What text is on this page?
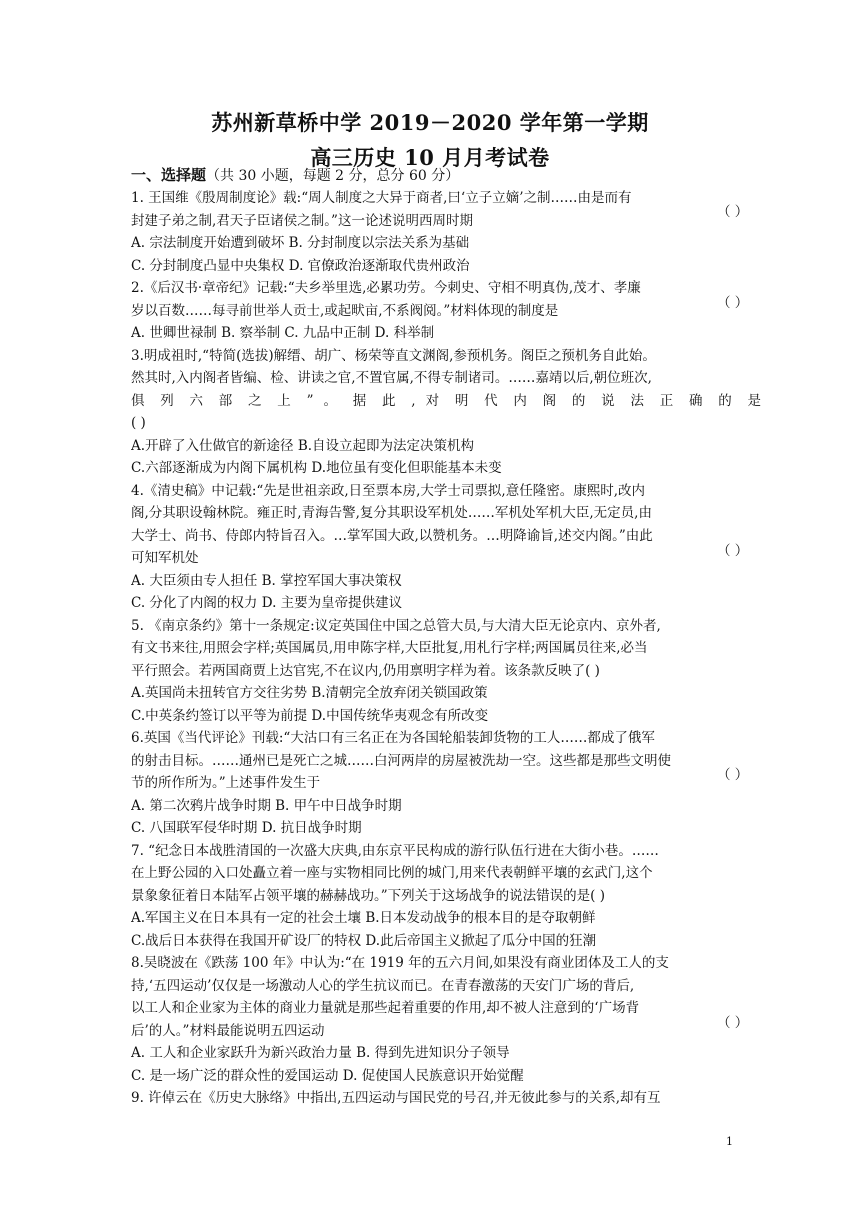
苏州新草桥中学 2019－2020 学年第一学期
高三历史 10 月月考试卷
一、选择题（共 30 小题，每题 2 分，总分 60 分）
1. 王国维《殷周制度论》载:“周人制度之大异于商者,曰‘立子立嫡’之制……由是而有
封建子弟之制,君天子臣诸侯之制。”这一论述说明西周时期
A. 宗法制度开始遭到破坏 B. 分封制度以宗法关系为基础
C. 分封制度凸显中央集权 D. 官僚政治逐渐取代贵州政治
2.《后汉书·章帝纪》记载:“夫乡举里选,必累功劳。今刺史、守相不明真伪,茂才、孝廉
岁以百数……每寻前世举人贡士,或起畎亩,不系阀阅。”材料体现的制度是
A. 世卿世禄制 B. 察举制 C. 九品中正制 D. 科举制
3.明成祖时,“特简(选拔)解缙、胡广、杨荣等直文渊阁,参预机务。阁臣之预机务自此始。
然其时,入内阁者皆编、检、讲读之官,不置官属,不得专制诸司。……嘉靖以后,朝位班次,
俱 列 六 部 之 上 ” 。 据 此 , 对 明 代 内 阁 的 说 法 正 确 的 是
( )
A.开辟了入仕做官的新途径 B.自设立起即为法定决策机构
C.六部逐渐成为内阁下属机构 D.地位虽有变化但职能基本未变
4.《清史稿》中记载:“先是世祖亲政,日至票本房,大学士司票拟,意任隆密。康熙时,改内
阁,分其职设翰林院。雍正时,青海告警,复分其职设军机处……军机处军机大臣,无定员,由
大学士、尚书、侍郎内特旨召入。…掌军国大政,以赞机务。…明降谕旨,述交内阁。”由此
可知军机处
A. 大臣须由专人担任 B. 掌控军国大事决策权
C. 分化了内阁的权力 D. 主要为皇帝提供建议
5. 《南京条约》第十一条规定:议定英国住中国之总管大员,与大清大臣无论京内、京外者,
有文书来往,用照会字样;英国属员,用申陈字样,大臣批复,用札行字样;两国属员往来,必当
平行照会。若两国商贾上达官宪,不在议内,仍用禀明字样为着。该条款反映了( )
A.英国尚未扭转官方交往劣势 B.清朝完全放弃闭关锁国政策
C.中英条约签订以平等为前提 D.中国传统华夷观念有所改变
6.英国《当代评论》刊载:“大沽口有三名正在为各国轮船装卸货物的工人……都成了俄军
的射击目标。……通州已是死亡之城……白河两岸的房屋被洗劫一空。这些都是那些文明使
节的所作所为。”上述事件发生于
A. 第二次鸦片战争时期 B. 甲午中日战争时期
C. 八国联军侵华时期 D. 抗日战争时期
7. “纪念日本战胜清国的一次盛大庆典,由东京平民构成的游行队伍行进在大街小巷。……
在上野公园的入口处矗立着一座与实物相同比例的城门,用来代表朝鲜平壤的玄武门,这个
景象象征着日本陆军占领平壤的赫赫战功。”下列关于这场战争的说法错误的是( )
A.军国主义在日本具有一定的社会土壤 B.日本发动战争的根本目的是夺取朝鲜
C.战后日本获得在我国开矿设厂的特权 D.此后帝国主义掀起了瓜分中国的狂潮
8.吴晓波在《跌荡 100 年》中认为:“在 1919 年的五六月间,如果没有商业团体及工人的支
持,‘五四运动’仅仅是一场激动人心的学生抗议而已。在青春激荡的天安门广场的背后,
以工人和企业家为主体的商业力量就是那些起着重要的作用,却不被人注意到的‘广场背
后’的人。”材料最能说明五四运动
A. 工人和企业家跃升为新兴政治力量 B. 得到先进知识分子领导
C. 是一场广泛的群众性的爱国运动 D. 促使国人民族意识开始觉醒
9. 许倬云在《历史大脉络》中指出,五四运动与国民党的号召,并无彼此参与的关系,却有互
（ ）
（ ）
（ ）
（ ）
（ ）
1
